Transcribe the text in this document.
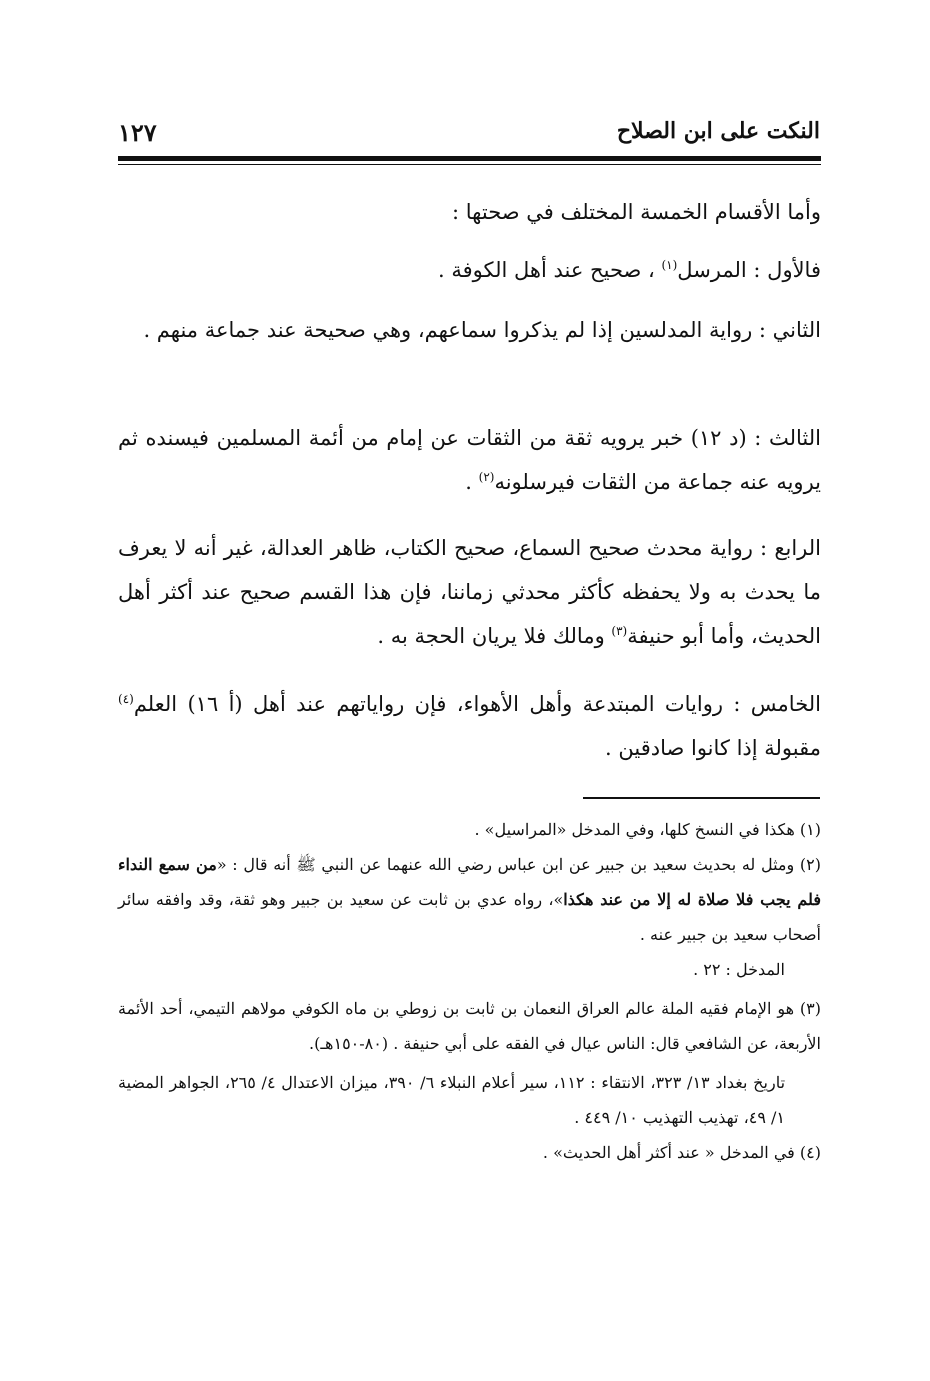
النكت على ابن الصلاح
١٢٧

وأما الأقسام الخمسة المختلف في صحتها :

فالأول : المرسل$^{(١)}$ ، صحيح عند أهل الكوفة .

الثاني : رواية المدلسين إذا لم يذكروا سماعهم، وهي صحيحة عند جماعة منهم .

الثالث : (د ١٢) خبر يرويه ثقة من الثقات عن إمام من أئمة المسلمين فيسنده ثم يرويه عنه جماعة من الثقات فيرسلونه$^{(٢)}$ .

الرابع : رواية محدث صحيح السماع، صحيح الكتاب، ظاهر العدالة، غير أنه لا يعرف ما يحدث به ولا يحفظه كأكثر محدثي زماننا، فإن هذا القسم صحيح عند أكثر أهل الحديث، وأما أبو حنيفة$^{(٣)}$ ومالك فلا يريان الحجة به .

الخامس : روايات المبتدعة وأهل الأهواء، فإن رواياتهم عند أهل (أ ١٦) العلم$^{(٤)}$ مقبولة إذا كانوا صادقين .

(١) هكذا في النسخ كلها، وفي المدخل «المراسيل» .

(٢) ومثل له بحديث سعيد بن جبير عن ابن عباس رضي الله عنهما عن النبي ﷺ أنه قال : «من سمع النداء فلم يجب فلا صلاة له إلا من عند هكذا»، رواه عدي بن ثابت عن سعيد بن جبير وهو ثقة، وقد وافقه سائر أصحاب سعيد بن جبير عنه .

المدخل : ٢٢ .

(٣) هو الإمام فقيه الملة عالم العراق النعمان بن ثابت بن زوطي بن ماه الكوفي مولاهم التيمي، أحد الأئمة الأربعة، عن الشافعي قال: الناس عيال في الفقه على أبي حنيفة . (٨٠-١٥٠هـ).

تاريخ بغداد ١٣/ ٣٢٣، الانتقاء : ١١٢، سير أعلام النبلاء ٦/ ٣٩٠، ميزان الاعتدال ٤/ ٢٦٥، الجواهر المضية ١/ ٤٩، تهذيب التهذيب ١٠/ ٤٤٩ .

(٤) في المدخل « عند أكثر أهل الحديث» .
